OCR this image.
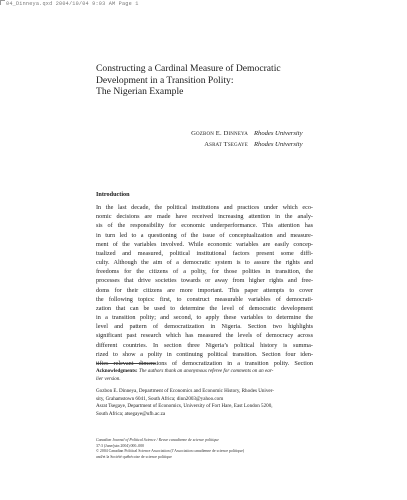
04_Dinneya.qxd 2004/10/04 9:03 AM Page 1
Constructing a Cardinal Measure of Democratic
Development in a Transition Polity:
The Nigerian Example
Gozbon E. Dinneya Rhodes University
Asrat Tsegaye Rhodes University
Introduction
In the last decade, the political institutions and practices under which eco-
nomic decisions are made have received increasing attention in the analy-
sis of the responsibility for economic underperformance. This attention has
in turn led to a questioning of the issue of conceptualization and measure-
ment of the variables involved. While economic variables are easily concep-
tualized and measured, political institutional factors present some diffi-
culty. Although the aim of a democratic system is to assure the rights and
freedoms for the citizens of a polity, for those polities in transition, the
processes that drive societies towards or away from higher rights and free-
doms for their citizens are more important. This paper attempts to cover
the following topics: first, to construct measurable variables of democrati-
zation that can be used to determine the level of democratic development
in a transition polity; and second, to apply these variables to determine the
level and pattern of democratization in Nigeria. Section two highlights
significant past research which has measured the levels of democracy across
different countries. In section three Nigeria’s political history is summa-
rized to show a polity in continuing political transition. Section four iden-
tifies relevant dimensions of democratization in a transition polity. Section
Acknowledgments: The authors thank an anonymous referee for comments on an ear-
lier version.
Gozbon E. Dinneya, Department of Economics and Economic History, Rhodes Univer-
sity, Grahamstown 6041, South Africa; dinn2003@yahoo.com
Asrat Tsegaye, Department of Economics, University of Fort Hare, East London 5200,
South Africa; atsegaye@ufh.ac.za
Canadian Journal of Political Science / Revue canadienne de science politique
37:3 (June/juin 2004) 000–000
© 2004 Canadian Political Science Association (l’Association canadienne de science politique)
and/et la Société québécoise de science politique
